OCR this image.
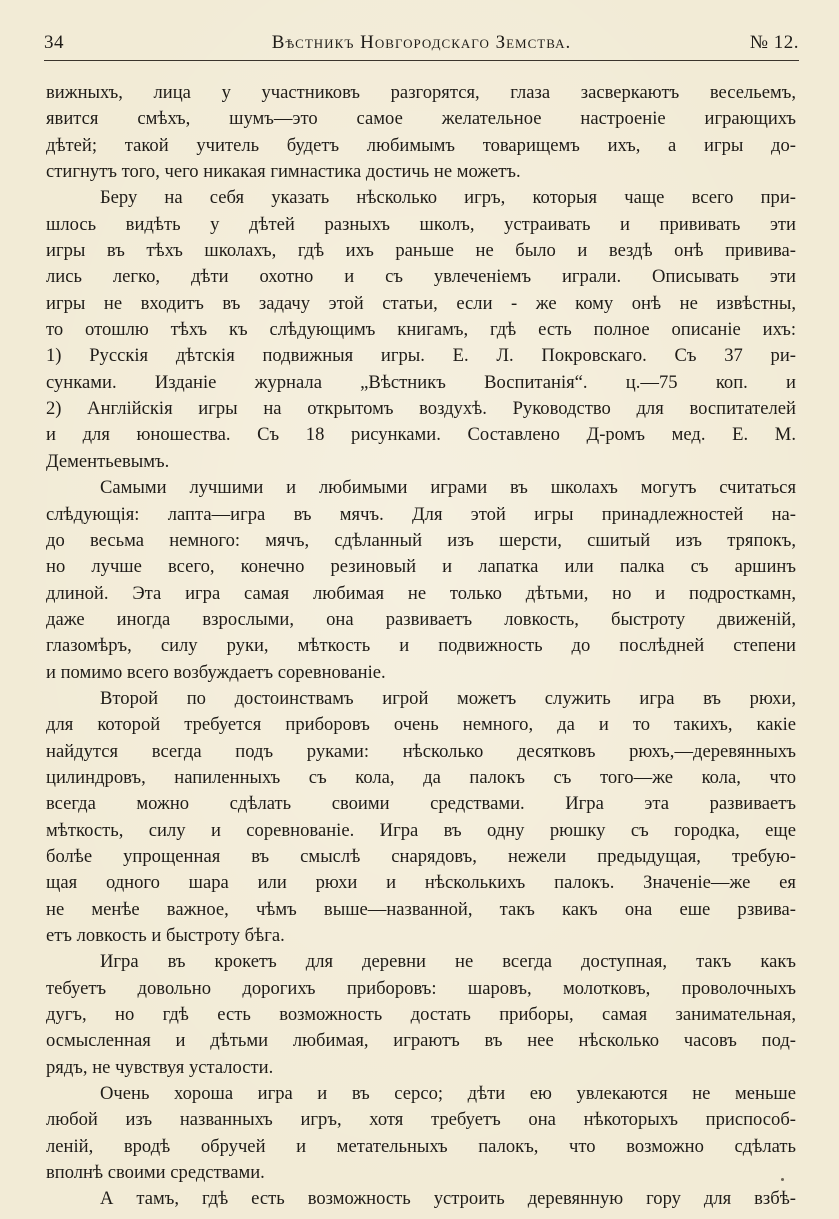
34	Вѣстникъ Новгородскаго Земства.	№ 12.
вижныхъ, лица у участниковъ разгорятся, глаза засверкаютъ весельемъ,
явится смѣхъ, шумъ—это самое желательное настроеніе играющихъ
дѣтей; такой учитель будетъ любимымъ товарищемъ ихъ, а игры до-
стигнутъ того, чего никакая гимнастика достичь не можетъ.
Беру на себя указать нѣсколько игръ, которыя чаще всего при-
шлось видѣть у дѣтей разныхъ школъ, устраивать и прививать эти
игры въ тѣхъ школахъ, гдѣ ихъ раньше не было и вездѣ онѣ привива-
лись легко, дѣти охотно и съ увлеченіемъ играли. Описывать эти
игры не входитъ въ задачу этой статьи, если - же кому онѣ не извѣстны,
то отошлю тѣхъ къ слѣдующимъ книгамъ, гдѣ есть полное описаніе ихъ:
1) Русскія дѣтскія подвижныя игры. Е. Л. Покровскаго. Съ 37 ри-
сунками. Изданіе журнала „Вѣстникъ Воспитанія“. ц.—75 коп. и
2) Англійскія игры на открытомъ воздухѣ. Руководство для воспитателей
и для юношества. Съ 18 рисунками. Составлено Д-ромъ мед. Е. М.
Дементьевымъ.
Самыми лучшими и любимыми играми въ школахъ могутъ считаться
слѣдующія: лапта—игра въ мячъ. Для этой игры принадлежностей на-
до весьма немного: мячъ, сдѣланный изъ шерсти, сшитый изъ тряпокъ,
но лучше всего, конечно резиновый и лапатка или палка съ аршинъ
длиной. Эта игра самая любимая не только дѣтьми, но и подросткамн,
даже иногда взрослыми, она развиваетъ ловкость, быстроту движеній,
глазомѣръ, силу руки, мѣткость и подвижность до послѣдней степени
и помимо всего возбуждаетъ соревнованіе.
Второй по достоинствамъ игрой можетъ служить игра въ рюхи,
для которой требуется приборовъ очень немного, да и то такихъ, какіе
найдутся всегда подъ руками: нѣсколько десятковъ рюхъ,—деревянныхъ
цилиндровъ, напиленныхъ съ кола, да палокъ съ того—же кола, что
всегда можно сдѣлать своими средствами. Игра эта развиваетъ
мѣткость, силу и соревнованіе. Игра въ одну рюшку съ городка, еще
болѣе упрощенная въ смыслѣ снарядовъ, нежели предыдущая, требую-
щая одного шара или рюхи и нѣсколькихъ палокъ. Значеніе—же ея
не менѣе важное, чѣмъ выше—названной, такъ какъ она еше рзвива-
етъ ловкость и быстроту бѣга.
Игра въ крокетъ для деревни не всегда доступная, такъ какъ
тебуетъ довольно дорогихъ приборовъ: шаровъ, молотковъ, проволочныхъ
дугъ, но гдѣ есть возможность достать приборы, самая занимательная,
осмысленная и дѣтьми любимая, играютъ въ нее нѣсколько часовъ под-
рядъ, не чувствуя усталости.
Очень хороша игра и въ серсо; дѣти ею увлекаются не меньше
любой изъ названныхъ игръ, хотя требуетъ она нѣкоторыхъ приспособ-
леній, вродѣ обручей и метательныхъ палокъ, что возможно сдѣлать
вполнѣ своими средствами.
А тамъ, гдѣ есть возможность устроить деревянную гору для взбѣ-
